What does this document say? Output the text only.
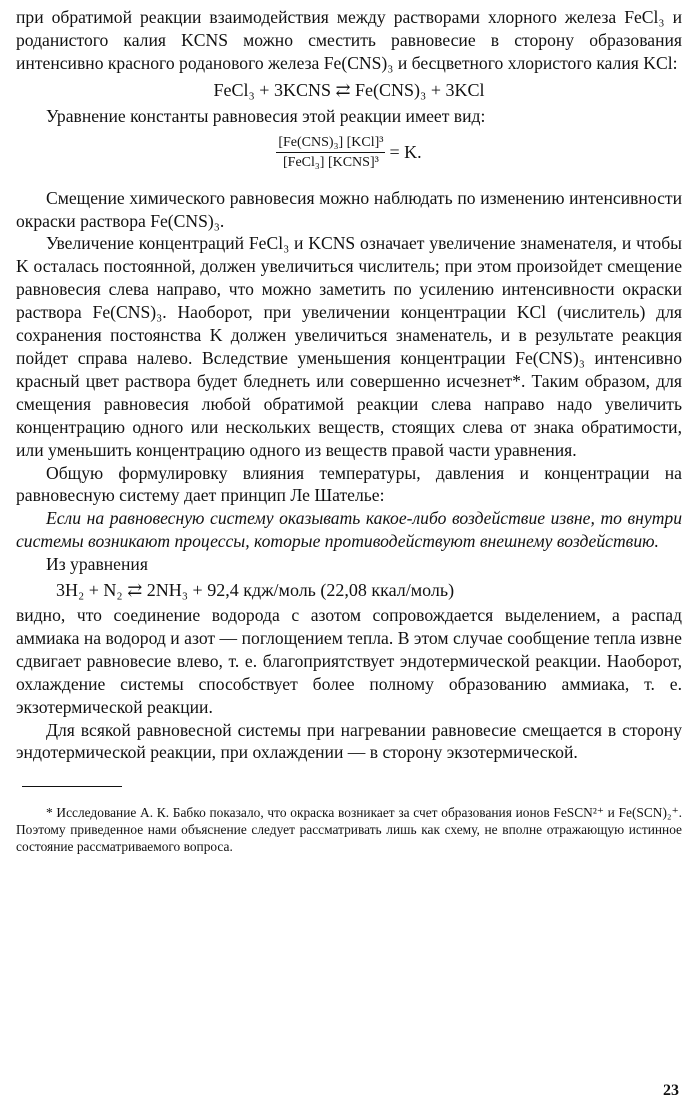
при обратимой реакции взаимодействия между растворами хлорного железа FeCl₃ и роданистого калия KCNS можно сместить равновесие в сторону образования интенсивно красного роданового железа Fe(CNS)₃ и бесцветного хлористого калия KCl:

FeCl₃ + 3KCNS ⇄ Fe(CNS)₃ + 3KCl

Уравнение константы равновесия этой реакции имеет вид:

$\frac{\text{[Fe(CNS)₃] [KCl]³}}{\text{[FeCl₃] [KCNS]³}} = K$.

Смещение химического равновесия можно наблюдать по изменению интенсивности окраски раствора Fe(CNS)₃.

Увеличение концентраций FeCl₃ и KCNS означает увеличение знаменателя, и чтобы K осталась постоянной, должен увеличиться числитель; при этом произойдет смещение равновесия слева направо, что можно заметить по усилению интенсивности окраски раствора Fe(CNS)₃. Наоборот, при увеличении концентрации KCl (числитель) для сохранения постоянства K должен увеличиться знаменатель, и в результате реакция пойдет справа налево. Вследствие уменьшения концентрации Fe(CNS)₃ интенсивно красный цвет раствора будет бледнеть или совершенно исчезнет*. Таким образом, для смещения равновесия любой обратимой реакции слева направо надо увеличить концентрацию одного или нескольких веществ, стоящих слева от знака обратимости, или уменьшить концентрацию одного из веществ правой части уравнения.

Общую формулировку влияния температуры, давления и концентрации на равновесную систему дает принцип Ле Шателье:

Если на равновесную систему оказывать какое-либо воздействие извне, то внутри системы возникают процессы, которые противодействуют внешнему воздействию.

Из уравнения

3H₂ + N₂ ⇄ 2NH₃ + 92,4 кдж/моль (22,08 ккал/моль)

видно, что соединение водорода с азотом сопровождается выделением, а распад аммиака на водород и азот — поглощением тепла. В этом случае сообщение тепла извне сдвигает равновесие влево, т. е. благоприятствует эндотермической реакции. Наоборот, охлаждение системы способствует более полному образованию аммиака, т. е. экзотермической реакции.

Для всякой равновесной системы при нагревании равновесие смещается в сторону эндотермической реакции, при охлаждении — в сторону экзотермической.

* Исследование А. К. Бабко показало, что окраска возникает за счет образования ионов FeSCN²⁺ и Fe(SCN)₂⁺. Поэтому приведенное нами объяснение следует рассматривать лишь как схему, не вполне отражающую истинное состояние рассматриваемого вопроса.

23
